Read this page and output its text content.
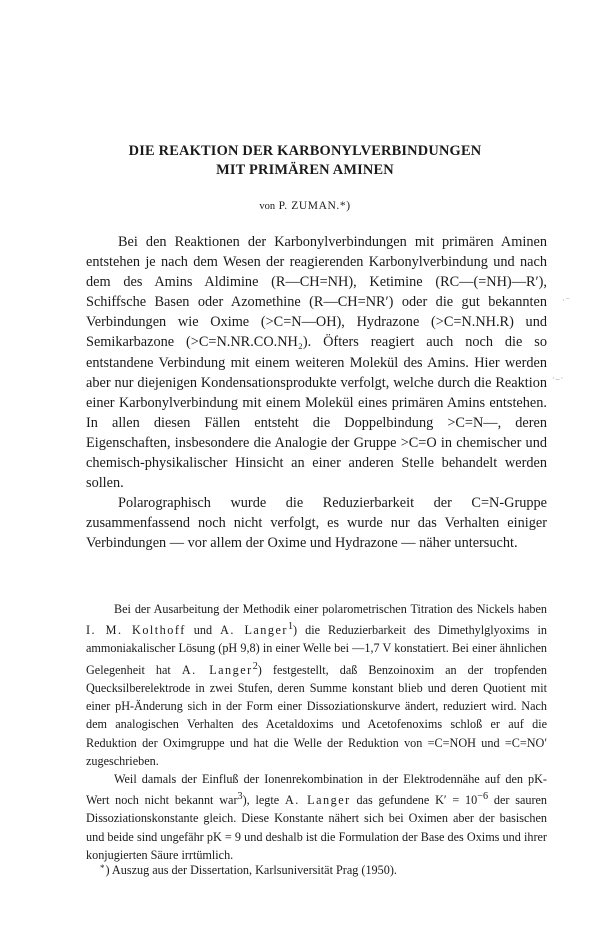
DIE REAKTION DER KARBONYLVERBINDUNGEN
MIT PRIMÄREN AMINEN
von P. ZUMAN.*)

Bei den Reaktionen der Karbonylverbindungen mit primären Aminen entstehen je nach dem Wesen der reagierenden Karbonylverbindung und nach dem des Amins Aldimine (R—CH=NH), Ketimine (RC—(=NH)—R′), Schiffsche Basen oder Azomethine (R—CH=NR′) oder die gut bekannten Verbindungen wie Oxime (>C=N—OH), Hydrazone (>C=N.NH.R) und Semikarbazone (>C=N.NR.CO.NH₂). Öfters reagiert auch noch die so entstandene Verbindung mit einem weiteren Molekül des Amins. Hier werden aber nur diejenigen Kondensationsprodukte verfolgt, welche durch die Reaktion einer Karbonylverbindung mit einem Molekül eines primären Amins entstehen. In allen diesen Fällen entsteht die Doppelbindung >C=N—, deren Eigenschaften, insbesondere die Analogie der Gruppe >C=O in chemischer und chemisch-physikalischer Hinsicht an einer anderen Stelle behandelt werden sollen.

Polarographisch wurde die Reduzierbarkeit der C=N-Gruppe zusammenfassend noch nicht verfolgt, es wurde nur das Verhalten einiger Verbindungen — vor allem der Oxime und Hydrazone — näher untersucht.

Bei der Ausarbeitung der Methodik einer polarometrischen Titration des Nickels haben I. M. Kolthoff und A. Langer$^1$) die Reduzierbarkeit des Dimethylglyoxims in ammoniakalischer Lösung (pH 9,8) in einer Welle bei —1,7 V konstatiert. Bei einer ähnlichen Gelegenheit hat A. Langer$^2$) festgestellt, daß Benzoinoxim an der tropfenden Quecksilberelektrode in zwei Stufen, deren Summe konstant blieb und deren Quotient mit einer pH-Änderung sich in der Form einer Dissoziationskurve ändert, reduziert wird. Nach dem analogischen Verhalten des Acetaldoxims und Acetofenoxims schloß er auf die Reduktion der Oximgruppe und hat die Welle der Reduktion von =C=NOH und =C=NO′ zugeschrieben.

Weil damals der Einfluß der Ionenrekombination in der Elektrodennähe auf den pK-Wert noch nicht bekannt war$^3$), legte A. Langer das gefundene $K' = 10^{-6}$ der sauren Dissoziationskonstante gleich. Diese Konstante nähert sich bei Oximen aber der basischen und beide sind ungefähr pK = 9 und deshalb ist die Formulation der Base des Oxims und ihrer konjugierten Säure irrtümlich.

*) Auszug aus der Dissertation, Karlsuniversität Prag (1950).
·⁻
·‒·
